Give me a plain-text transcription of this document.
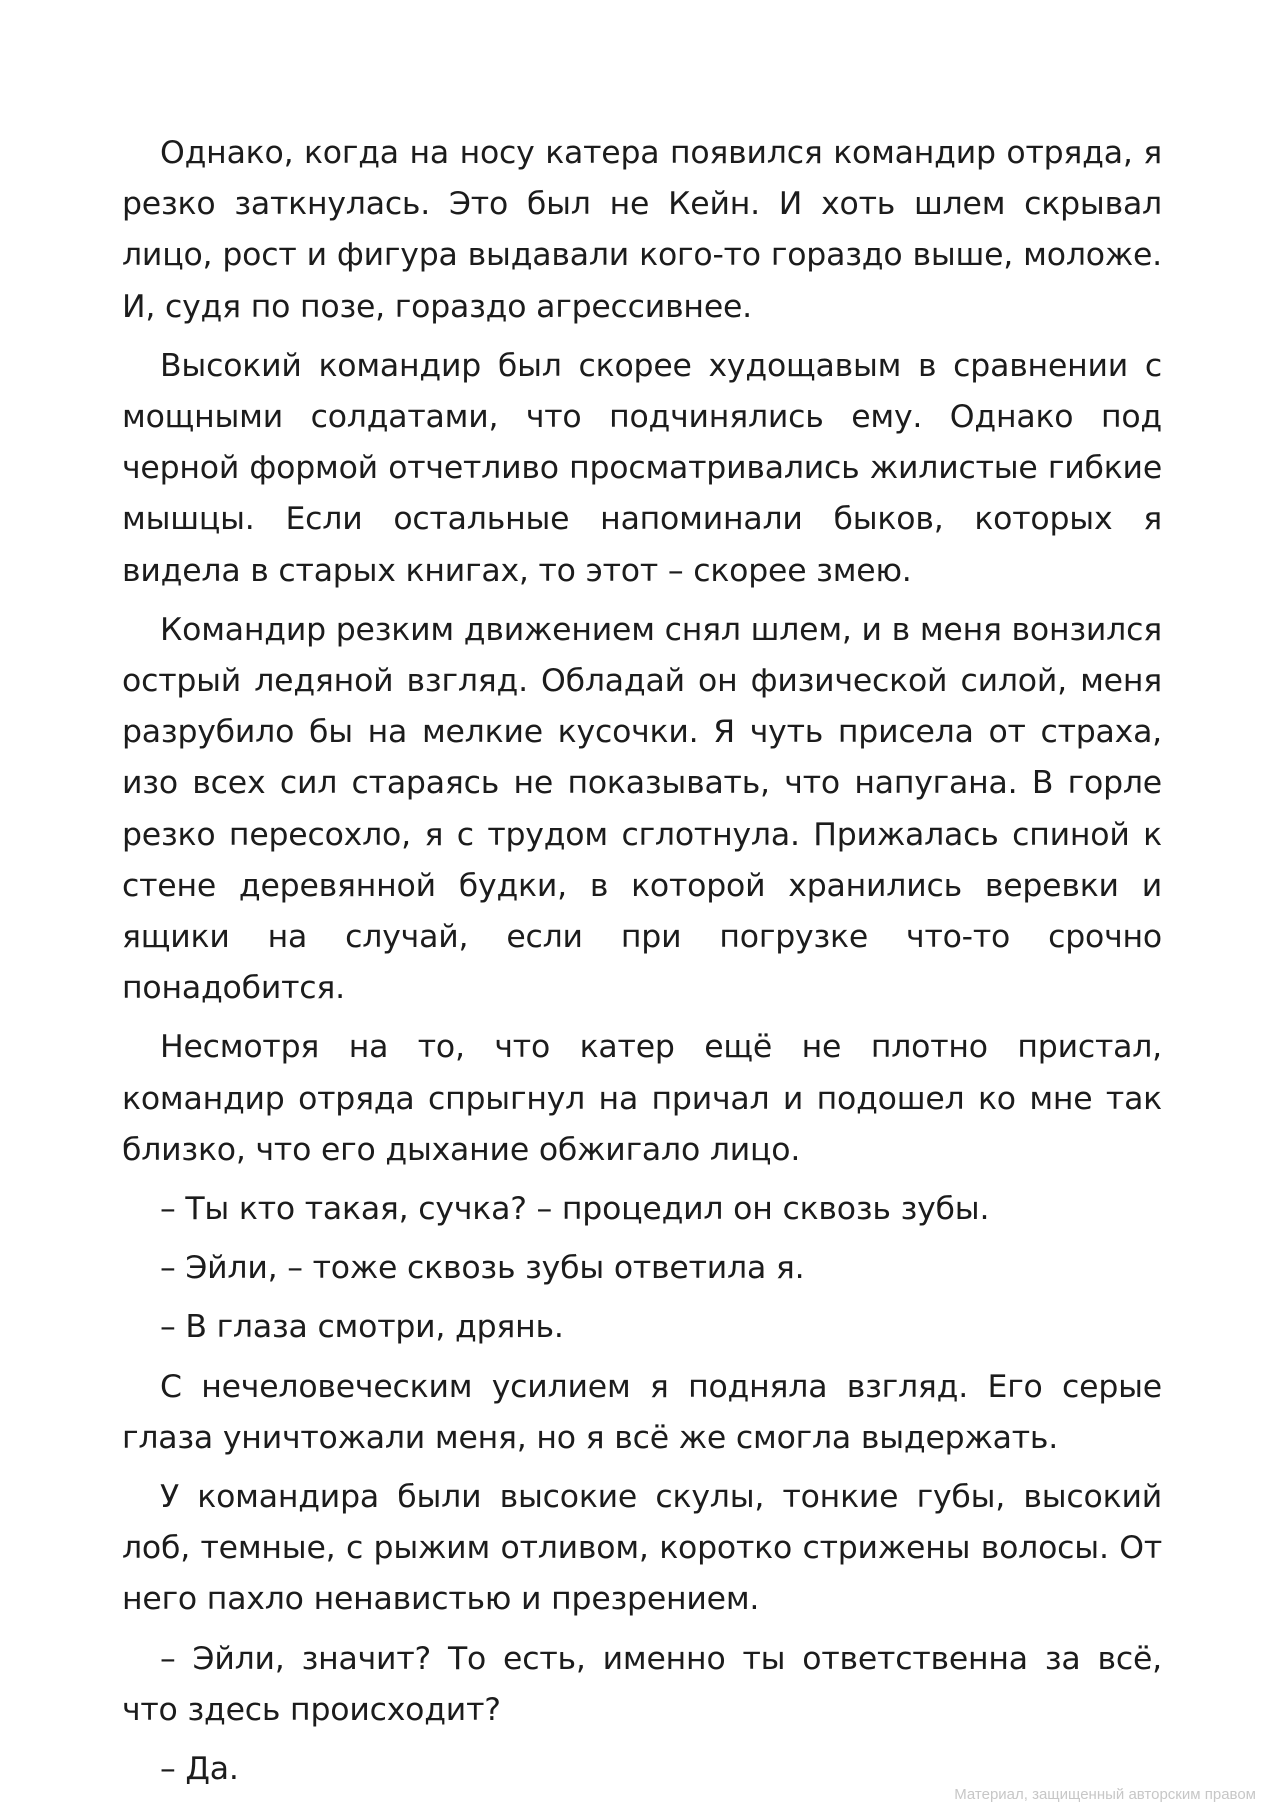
Однако, когда на носу катера появился командир отряда, я резко заткнулась. Это был не Кейн. И хоть шлем скрывал лицо, рост и фигура выдавали кого-то гораздо выше, моложе. И, судя по позе, гораздо агрессивнее.

Высокий командир был скорее худощавым в сравнении с мощными солдатами, что подчинялись ему. Однако под черной формой отчетливо просматривались жилистые гибкие мышцы. Если остальные напоминали быков, которых я видела в старых книгах, то этот – скорее змею.

Командир резким движением снял шлем, и в меня вонзился острый ледяной взгляд. Обладай он физической силой, меня разрубило бы на мелкие кусочки. Я чуть присела от страха, изо всех сил стараясь не показывать, что напугана. В горле резко пересохло, я с трудом сглотнула. Прижалась спиной к стене деревянной будки, в которой хранились веревки и ящики на случай, если при погрузке что-то срочно понадобится.

Несмотря на то, что катер ещё не плотно пристал, командир отряда спрыгнул на причал и подошел ко мне так близко, что его дыхание обжигало лицо.

– Ты кто такая, сучка? – процедил он сквозь зубы.

– Эйли, – тоже сквозь зубы ответила я.

– В глаза смотри, дрянь.

С нечеловеческим усилием я подняла взгляд. Его серые глаза уничтожали меня, но я всё же смогла выдержать.

У командира были высокие скулы, тонкие губы, высокий лоб, темные, с рыжим отливом, коротко стрижены волосы. От него пахло ненавистью и презрением.

– Эйли, значит? То есть, именно ты ответственна за всё, что здесь происходит?

– Да.

Материал, защищенный авторским правом
